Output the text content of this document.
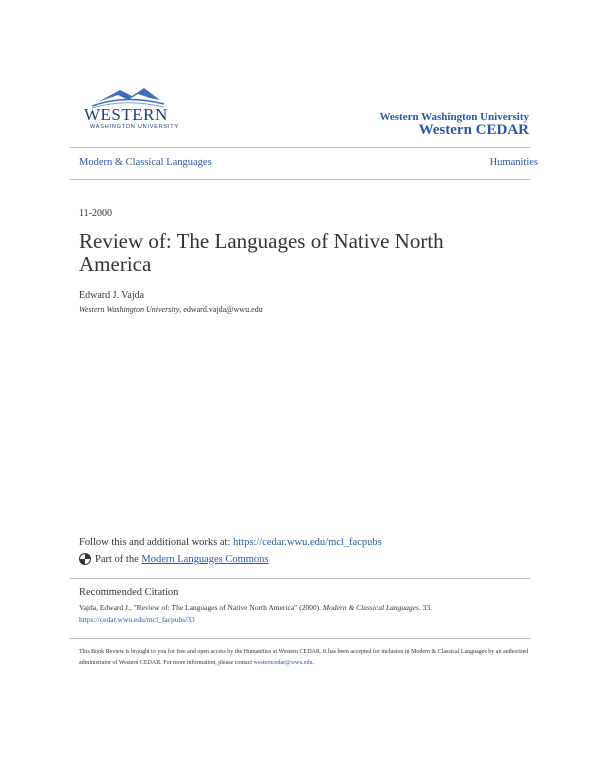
WESTERN
WASHINGTON UNIVERSITY
Western Washington University
Western CEDAR
Modern & Classical Languages	Humanities
11-2000
Review of: The Languages of Native North America
Edward J. Vajda
Western Washington University, edward.vajda@wwu.edu
Follow this and additional works at: https://cedar.wwu.edu/mcl_facpubs
Part of the
Modern Languages Commons
Recommended Citation
Vajda, Edward J., "Review of: The Languages of Native North America" (2000). Modern & Classical Languages. 33.
https://cedar.wwu.edu/mcl_facpubs/33
This Book Review is brought to you for free and open access by the Humanities at Western CEDAR. It has been accepted for inclusion in Modern & Classical Languages by an authorized administrator of Western CEDAR. For more information, please contact westerncedar@wwu.edu.
